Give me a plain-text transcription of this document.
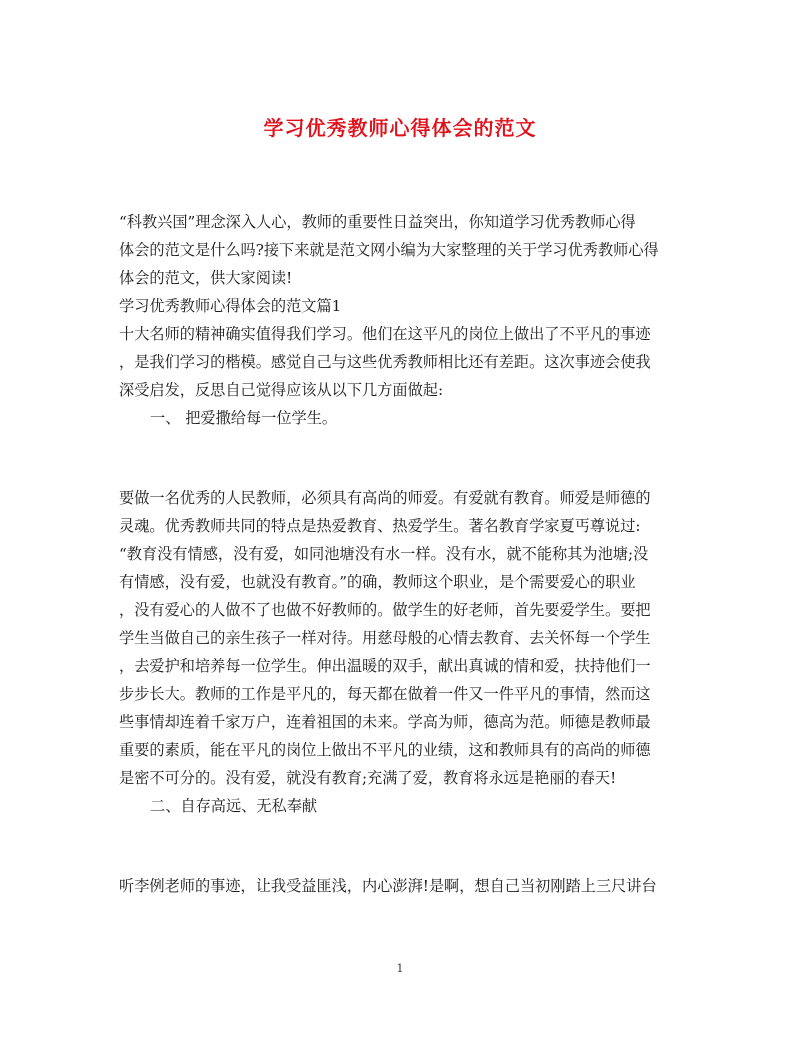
学习优秀教师心得体会的范文
“科教兴国”理念深入人心，教师的重要性日益突出，你知道学习优秀教师心得
体会的范文是什么吗?接下来就是范文网小编为大家整理的关于学习优秀教师心得
体会的范文，供大家阅读!
学习优秀教师心得体会的范文篇1
十大名师的精神确实值得我们学习。他们在这平凡的岗位上做出了不平凡的事迹
，是我们学习的楷模。感觉自己与这些优秀教师相比还有差距。这次事迹会使我
深受启发，反思自己觉得应该从以下几方面做起:
一、 把爱撒给每一位学生。
要做一名优秀的人民教师，必须具有高尚的师爱。有爱就有教育。师爱是师德的
灵魂。优秀教师共同的特点是热爱教育、热爱学生。著名教育学家夏丐尊说过:
“教育没有情感，没有爱，如同池塘没有水一样。没有水，就不能称其为池塘;没
有情感，没有爱，也就没有教育。”的确，教师这个职业，是个需要爱心的职业
，没有爱心的人做不了也做不好教师的。做学生的好老师，首先要爱学生。要把
学生当做自己的亲生孩子一样对待。用慈母般的心情去教育、去关怀每一个学生
，去爱护和培养每一位学生。伸出温暖的双手，献出真诚的情和爱，扶持他们一
步步长大。教师的工作是平凡的，每天都在做着一件又一件平凡的事情，然而这
些事情却连着千家万户，连着祖国的未来。学高为师，德高为范。师德是教师最
重要的素质，能在平凡的岗位上做出不平凡的业绩，这和教师具有的高尚的师德
是密不可分的。没有爱，就没有教育;充满了爱，教育将永远是艳丽的春天!
二、自存高远、无私奉献
听李例老师的事迹，让我受益匪浅，内心澎湃!是啊，想自己当初刚踏上三尺讲台
1
